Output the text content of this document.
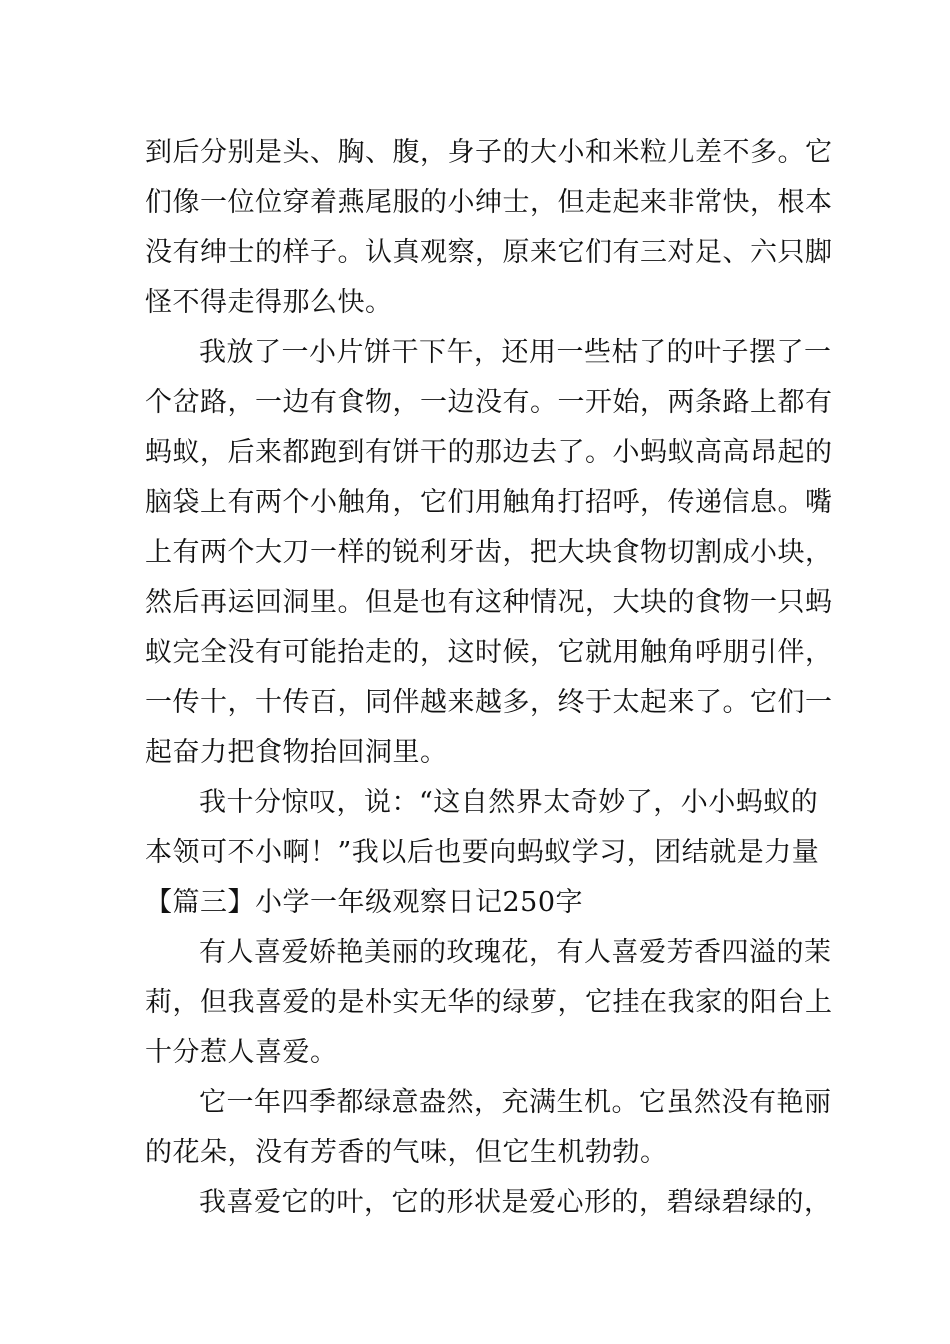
到后分别是头、胸、腹，身子的大小和米粒儿差不多。它
们像一位位穿着燕尾服的小绅士，但走起来非常快，根本
没有绅士的样子。认真观察，原来它们有三对足、六只脚
怪不得走得那么快。
我放了一小片饼干下午，还用一些枯了的叶子摆了一
个岔路，一边有食物，一边没有。一开始，两条路上都有
蚂蚁，后来都跑到有饼干的那边去了。小蚂蚁高高昂起的
脑袋上有两个小触角，它们用触角打招呼，传递信息。嘴
上有两个大刀一样的锐利牙齿，把大块食物切割成小块，
然后再运回洞里。但是也有这种情况，大块的食物一只蚂
蚁完全没有可能抬走的，这时候，它就用触角呼朋引伴，
一传十，十传百，同伴越来越多，终于太起来了。它们一
起奋力把食物抬回洞里。
我十分惊叹，说：“这自然界太奇妙了，小小蚂蚁的
本领可不小啊！”我以后也要向蚂蚁学习，团结就是力量
【篇三】小学一年级观察日记250字
有人喜爱娇艳美丽的玫瑰花，有人喜爱芳香四溢的茉
莉，但我喜爱的是朴实无华的绿萝，它挂在我家的阳台上
十分惹人喜爱。
它一年四季都绿意盎然，充满生机。它虽然没有艳丽
的花朵，没有芳香的气味，但它生机勃勃。
我喜爱它的叶，它的形状是爱心形的，碧绿碧绿的，
